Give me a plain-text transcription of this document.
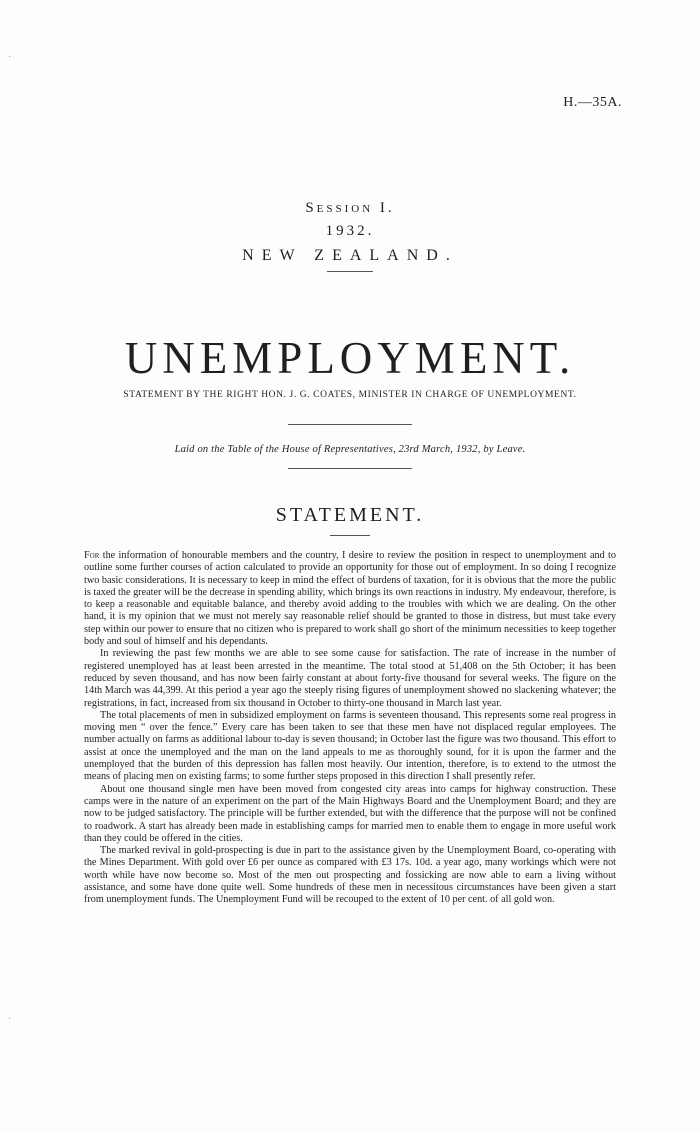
H.—35A.
Session I.
1932.
NEW ZEALAND.
UNEMPLOYMENT.
STATEMENT BY THE RIGHT HON. J. G. COATES, MINISTER IN CHARGE OF UNEMPLOYMENT.
Laid on the Table of the House of Representatives, 23rd March, 1932, by Leave.
STATEMENT.

For the information of honourable members and the country, I desire to review the position in respect to unemployment and to outline some further courses of action calculated to provide an opportunity for those out of employment. In so doing I recognize two basic considerations. It is necessary to keep in mind the effect of burdens of taxation, for it is obvious that the more the public is taxed the greater will be the decrease in spending ability, which brings its own reactions in industry. My endeavour, therefore, is to keep a reasonable and equitable balance, and thereby avoid adding to the troubles with which we are dealing. On the other hand, it is my opinion that we must not merely say reasonable relief should be granted to those in distress, but must take every step within our power to ensure that no citizen who is prepared to work shall go short of the minimum necessities to keep together body and soul of himself and his dependants.

In reviewing the past few months we are able to see some cause for satisfaction. The rate of increase in the number of registered unemployed has at least been arrested in the meantime. The total stood at 51,408 on the 5th October; it has been reduced by seven thousand, and has now been fairly constant at about forty-five thousand for several weeks. The figure on the 14th March was 44,399. At this period a year ago the steeply rising figures of unemployment showed no slackening whatever; the registrations, in fact, increased from six thousand in October to thirty-one thousand in March last year.

The total placements of men in subsidized employment on farms is seventeen thousand. This represents some real progress in moving men “ over the fence.” Every care has been taken to see that these men have not displaced regular employees. The number actually on farms as additional labour to-day is seven thousand; in October last the figure was two thousand. This effort to assist at once the unemployed and the man on the land appeals to me as thoroughly sound, for it is upon the farmer and the unemployed that the burden of this depression has fallen most heavily. Our intention, therefore, is to extend to the utmost the means of placing men on existing farms; to some further steps proposed in this direction I shall presently refer.

About one thousand single men have been moved from congested city areas into camps for highway construction. These camps were in the nature of an experiment on the part of the Main Highways Board and the Unemployment Board; and they are now to be judged satisfactory. The principle will be further extended, but with the difference that the purpose will not be confined to roadwork. A start has already been made in establishing camps for married men to enable them to engage in more useful work than they could be offered in the cities.

The marked revival in gold-prospecting is due in part to the assistance given by the Unemployment Board, co-operating with the Mines Department. With gold over £6 per ounce as compared with £3 17s. 10d. a year ago, many workings which were not worth while have now become so. Most of the men out prospecting and fossicking are now able to earn a living without assistance, and some have done quite well. Some hundreds of these men in necessitous circumstances have been given a start from unemployment funds. The Unemployment Fund will be recouped to the extent of 10 per cent. of all gold won.

·
·
